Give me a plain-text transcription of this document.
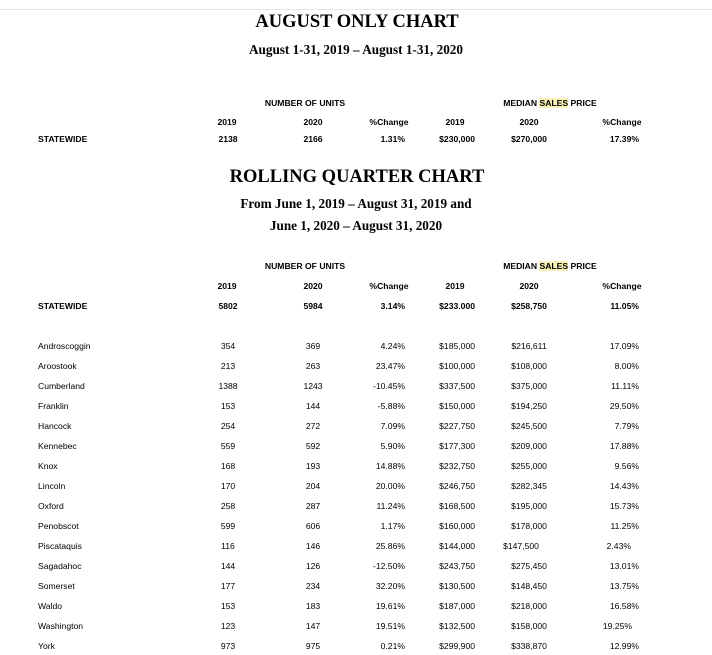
AUGUST ONLY CHART
August 1-31, 2019 – August 1-31, 2020
NUMBER OF UNITS	MEDIAN SALES PRICE
2019	2020	%Change	2019	2020	%Change
STATEWIDE	2138	2166	1.31%	$230,000	$270,000	17.39%
ROLLING QUARTER CHART
From June 1, 2019 – August 31, 2019 and
June 1, 2020 – August 31, 2020
NUMBER OF UNITS	MEDIAN SALES PRICE
2019	2020	%Change	2019	2020	%Change
STATEWIDE	5802	5984	3.14%	$233.000	$258,750	11.05%
Androscoggin	354	369	4.24%	$185,000	$216,611	17.09%
Aroostook	213	263	23.47%	$100,000	$108,000	8.00%
Cumberland	1388	1243	-10.45%	$337,500	$375,000	11.11%
Franklin	153	144	-5.88%	$150,000	$194,250	29.50%
Hancock	254	272	7.09%	$227,750	$245,500	7.79%
Kennebec	559	592	5.90%	$177,300	$209,000	17.88%
Knox	168	193	14.88%	$232,750	$255,000	9.56%
Lincoln	170	204	20.00%	$246,750	$282,345	14.43%
Oxford	258	287	11.24%	$168,500	$195,000	15.73%
Penobscot	599	606	1.17%	$160,000	$178,000	11.25%
Piscataquis	116	146	25.86%	$144,000	$147,500	2.43%
Sagadahoc	144	126	-12.50%	$243,750	$275,450	13.01%
Somerset	177	234	32.20%	$130,500	$148,450	13.75%
Waldo	153	183	19.61%	$187,000	$218,000	16.58%
Washington	123	147	19.51%	$132,500	$158,000	19.25%
York	973	975	0.21%	$299,900	$338,870	12.99%
